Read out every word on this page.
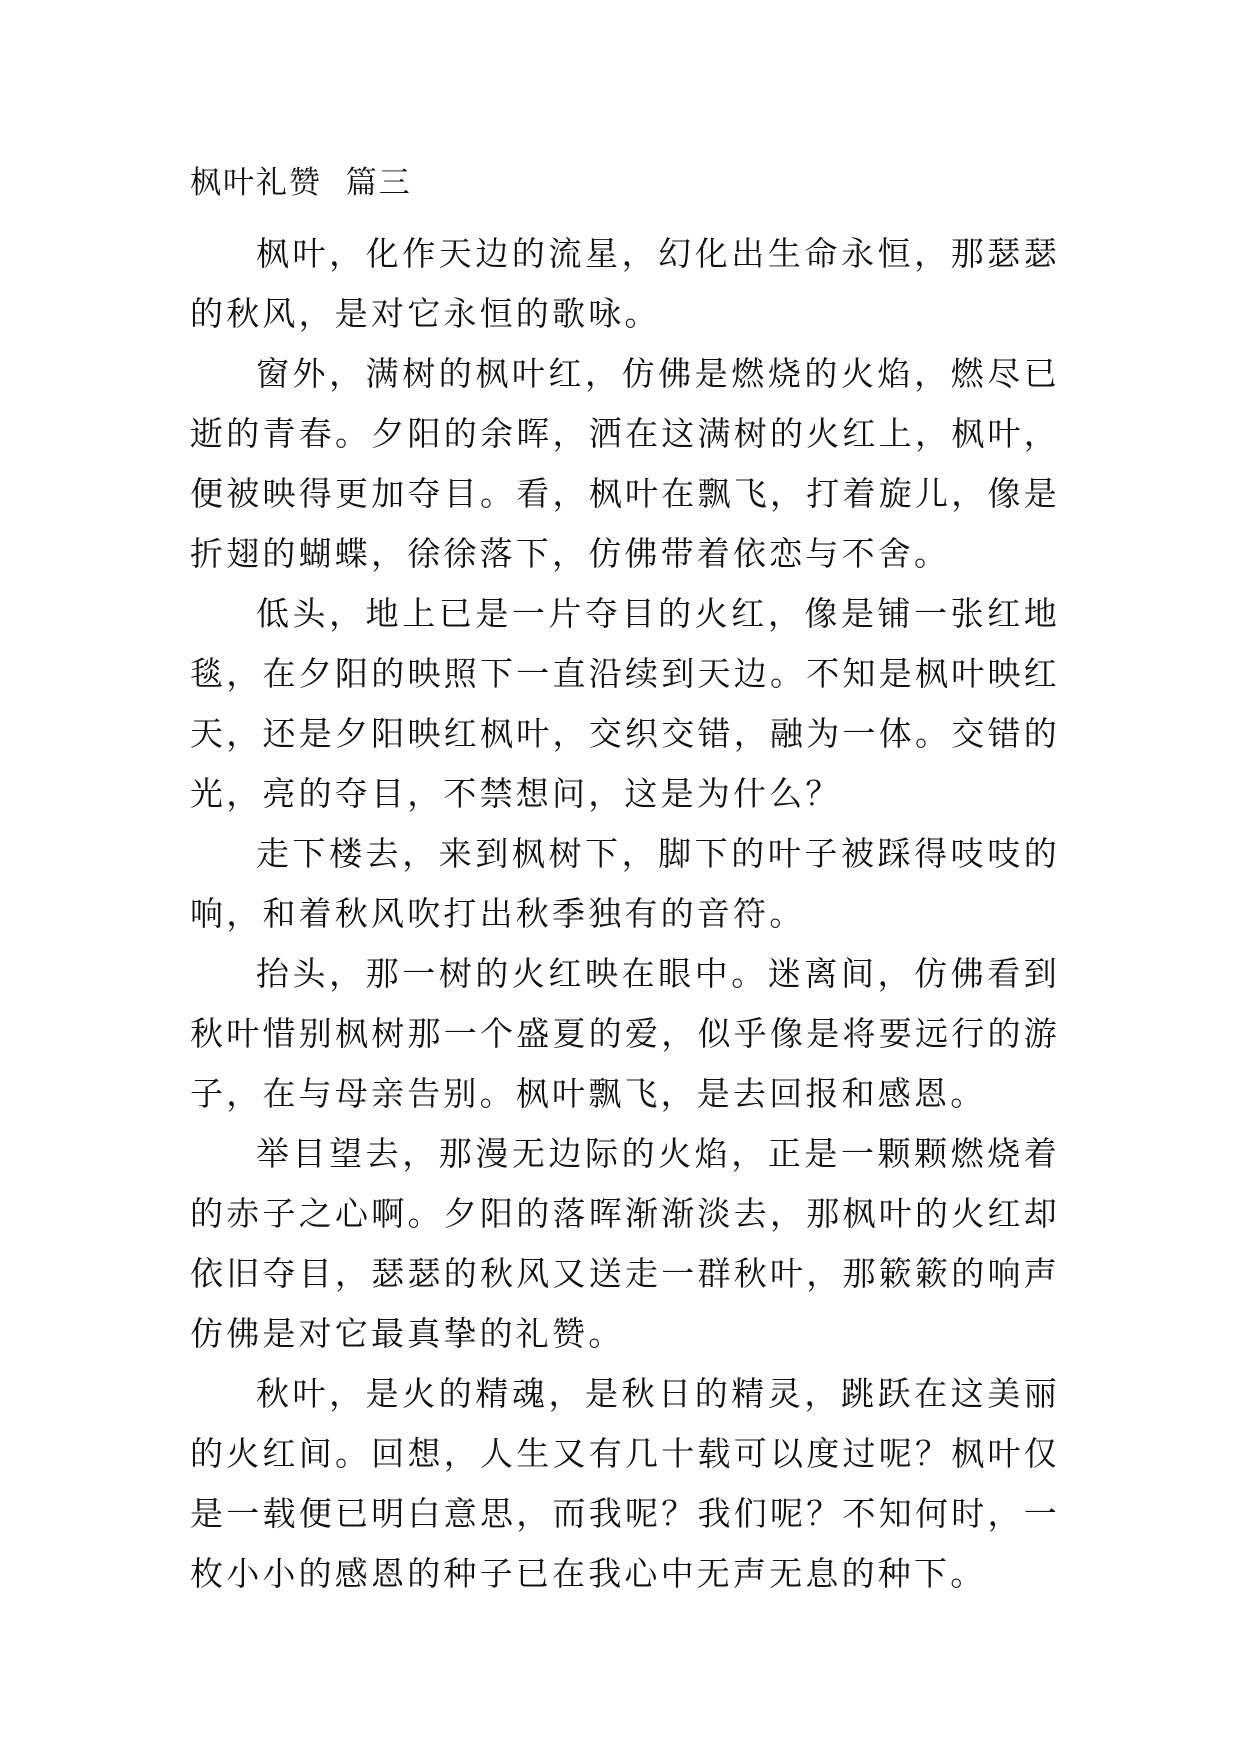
枫叶礼赞  篇三

枫叶，化作天边的流星，幻化出生命永恒，那瑟瑟的秋风，是对它永恒的歌咏。

窗外，满树的枫叶红，仿佛是燃烧的火焰，燃尽已逝的青春。夕阳的余晖，洒在这满树的火红上，枫叶，便被映得更加夺目。看，枫叶在飘飞，打着旋儿，像是折翅的蝴蝶，徐徐落下，仿佛带着依恋与不舍。

低头，地上已是一片夺目的火红，像是铺一张红地毯，在夕阳的映照下一直沿续到天边。不知是枫叶映红天，还是夕阳映红枫叶，交织交错，融为一体。交错的光，亮的夺目，不禁想问，这是为什么？

走下楼去，来到枫树下，脚下的叶子被踩得吱吱的响，和着秋风吹打出秋季独有的音符。

抬头，那一树的火红映在眼中。迷离间，仿佛看到秋叶惜别枫树那一个盛夏的爱，似乎像是将要远行的游子，在与母亲告别。枫叶飘飞，是去回报和感恩。

举目望去，那漫无边际的火焰，正是一颗颗燃烧着的赤子之心啊。夕阳的落晖渐渐淡去，那枫叶的火红却依旧夺目，瑟瑟的秋风又送走一群秋叶，那簌簌的响声仿佛是对它最真挚的礼赞。

秋叶，是火的精魂，是秋日的精灵，跳跃在这美丽的火红间。回想，人生又有几十载可以度过呢？枫叶仅是一载便已明白意思，而我呢？我们呢？不知何时，一枚小小的感恩的种子已在我心中无声无息的种下。
